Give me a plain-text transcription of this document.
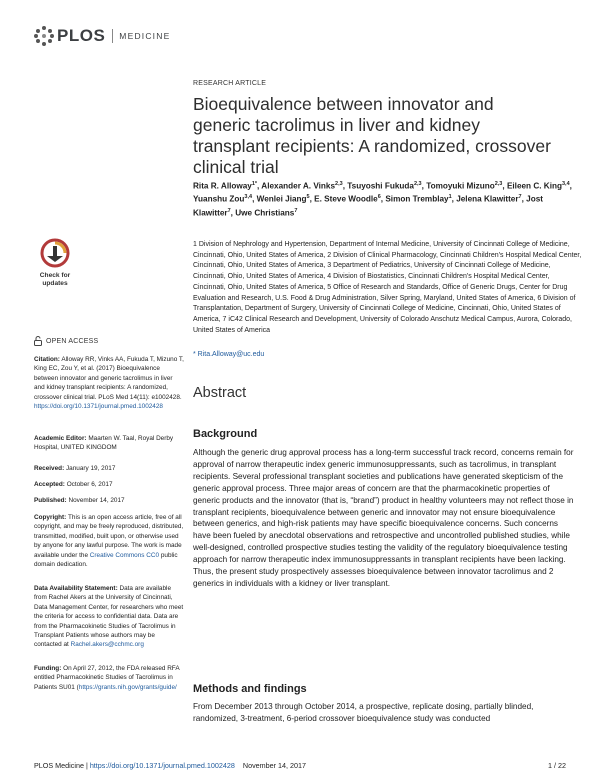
PLOS MEDICINE
RESEARCH ARTICLE
Bioequivalence between innovator and generic tacrolimus in liver and kidney transplant recipients: A randomized, crossover clinical trial
Rita R. Alloway$^{1*}$, Alexander A. Vinks$^{2,3}$, Tsuyoshi Fukuda$^{2,3}$, Tomoyuki Mizuno$^{2,3}$, Eileen C. King$^{3,4}$, Yuanshu Zou$^{3,4}$, Wenlei Jiang$^5$, E. Steve Woodle$^6$, Simon Tremblay$^1$, Jelena Klawitter$^7$, Jost Klawitter$^7$, Uwe Christians$^7$
1 Division of Nephrology and Hypertension, Department of Internal Medicine, University of Cincinnati College of Medicine, Cincinnati, Ohio, United States of America, 2 Division of Clinical Pharmacology, Cincinnati Children's Hospital Medical Center, Cincinnati, Ohio, United States of America, 3 Department of Pediatrics, University of Cincinnati College of Medicine, Cincinnati, Ohio, United States of America, 4 Division of Biostatistics, Cincinnati Children's Hospital Medical Center, Cincinnati, Ohio, United States of America, 5 Office of Research and Standards, Office of Generic Drugs, Center for Drug Evaluation and Research, U.S. Food & Drug Administration, Silver Spring, Maryland, United States of America, 6 Division of Transplantation, Department of Surgery, University of Cincinnati College of Medicine, Cincinnati, Ohio, United States of America, 7 iC42 Clinical Research and Development, University of Colorado Anschutz Medical Campus, Aurora, Colorado, United States of America
* Rita.Alloway@uc.edu
Abstract
Background

Although the generic drug approval process has a long-term successful track record, concerns remain for approval of narrow therapeutic index generic immunosuppressants, such as tacrolimus, in transplant recipients. Several professional transplant societies and publications have generated skepticism of the generic approval process. Three major areas of concern are that the pharmacokinetic properties of generic products and the innovator (that is, “brand”) product in healthy volunteers may not reflect those in transplant recipients, bioequivalence between generic and innovator may not ensure bioequivalence between generics, and high-risk patients may have specific bioequivalence concerns. Such concerns have been fueled by anecdotal observations and retrospective and uncontrolled published studies, while well-designed, controlled prospective studies testing the validity of the regulatory bioequivalence testing approach for narrow therapeutic index immunosuppressants in transplant recipients have been lacking. Thus, the present study prospectively assesses bioequivalence between innovator tacrolimus and 2 generics in individuals with a kidney or liver transplant.

Methods and findings

From December 2013 through October 2014, a prospective, replicate dosing, partially blinded, randomized, 3-treatment, 6-period crossover bioequivalence study was conducted

Check for
updates
OPEN ACCESS
Citation: Alloway RR, Vinks AA, Fukuda T, Mizuno T, King EC, Zou Y, et al. (2017) Bioequivalence between innovator and generic tacrolimus in liver and kidney transplant recipients: A randomized, crossover clinical trial. PLoS Med 14(11): e1002428. https://doi.org/10.1371/journal.pmed.1002428
Academic Editor: Maarten W. Taal, Royal Derby Hospital, UNITED KINGDOM
Received: January 19, 2017
Accepted: October 6, 2017
Published: November 14, 2017
Copyright: This is an open access article, free of all copyright, and may be freely reproduced, distributed, transmitted, modified, built upon, or otherwise used by anyone for any lawful purpose. The work is made available under the Creative Commons CC0 public domain dedication.
Data Availability Statement: Data are available from Rachel Akers at the University of Cincinnati, Data Management Center, for researchers who meet the criteria for access to confidential data. Data are from the Pharmacokinetic Studies of Tacrolimus in Transplant Patients whose authors may be contacted at Rachel.akers@cchmc.org
Funding: On April 27, 2012, the FDA released RFA entitled Pharmacokinetic Studies of Tacrolimus in Patients SU01 (https://grants.nih.gov/grants/guide/
PLOS Medicine | https://doi.org/10.1371/journal.pmed.1002428 November 14, 2017	1 / 22
